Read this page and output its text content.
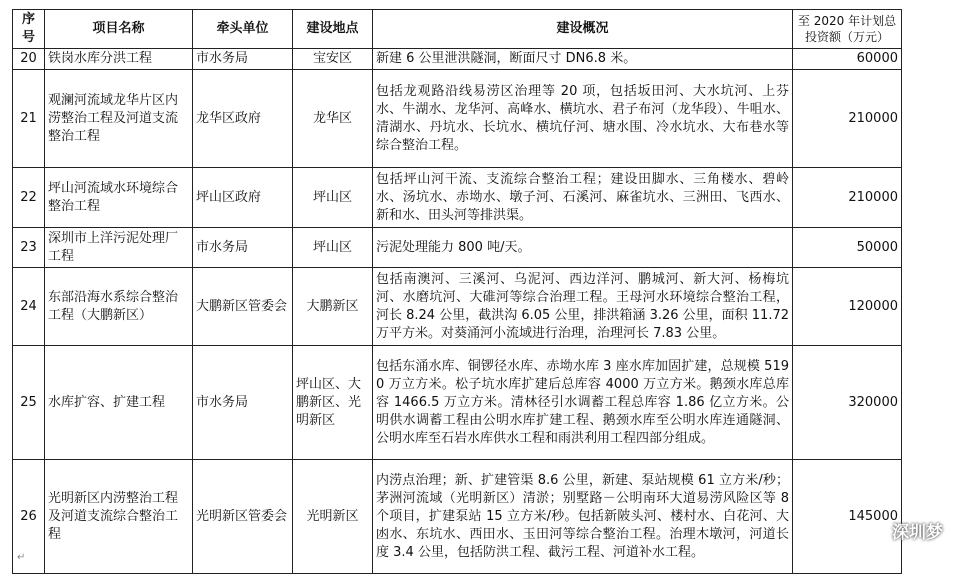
序号	项目名称	牵头单位	建设地点	建设概况	至 2020 年计划总投资额（万元）
20	铁岗水库分洪工程	市水务局	宝安区	新建 6 公里泄洪隧洞，断面尺寸 DN6.8 米。	60000
21	观澜河流域龙华片区内涝整治工程及河道支流整治工程	龙华区政府	龙华区	包括龙观路沿线易涝区治理等 20 项，包括坂田河、大水坑河、上芬水、牛湖水、龙华河、高峰水、横坑水、君子布河（龙华段）、牛咀水、清湖水、丹坑水、长坑水、横坑仔河、塘水围、冷水坑水、大布巷水等综合整治工程。	210000
22	坪山河流域水环境综合整治工程	坪山区政府	坪山区	包括坪山河干流、支流综合整治工程；建设田脚水、三角楼水、碧岭水、汤坑水、赤坳水、墩子河、石溪河、麻雀坑水、三洲田、飞西水、新和水、田头河等排洪渠。	210000
23	深圳市上洋污泥处理厂工程	市水务局	坪山区	污泥处理能力 800 吨/天。	50000
24	东部沿海水系综合整治工程（大鹏新区）	大鹏新区管委会	大鹏新区	包括南澳河、三溪河、乌泥河、西边洋河、鹏城河、新大河、杨梅坑河、水磨坑河、大碓河等综合治理工程。王母河水环境综合整治工程，河长 8.24 公里，截洪沟 6.05 公里，排洪箱涵 3.26 公里，面积 11.72 万平方米。对葵涌河小流域进行治理，治理河长 7.83 公里。	120000
25	水库扩容、扩建工程	市水务局	坪山区、大鹏新区、光明新区	包括东涌水库、铜锣径水库、赤坳水库 3 座水库加固扩建，总规模 5190 万立方米。松子坑水库扩建后总库容 4000 万立方米。鹅颈水库总库容 1466.5 万立方米。清林径引水调蓄工程总库容 1.86 亿立方米。公明供水调蓄工程由公明水库扩建工程、鹅颈水库至公明水库连通隧洞、公明水库至石岩水库供水工程和雨洪利用工程四部分组成。	320000
26	光明新区内涝整治工程及河道支流综合整治工程	光明新区管委会	光明新区	内涝点治理；新、扩建管渠 8.6 公里，新建、泵站规模 61 立方米/秒；茅洲河流域（光明新区）清淤；别墅路－公明南环大道易涝风险区等 8 个项目，扩建泵站 15 立方米/秒。包括新陂头河、楼村水、白花河、大凼水、东坑水、西田水、玉田河等综合整治工程。治理木墩河，河道长度 3.4 公里，包括防洪工程、截污工程、河道补水工程。	145000
↵
深圳梦
